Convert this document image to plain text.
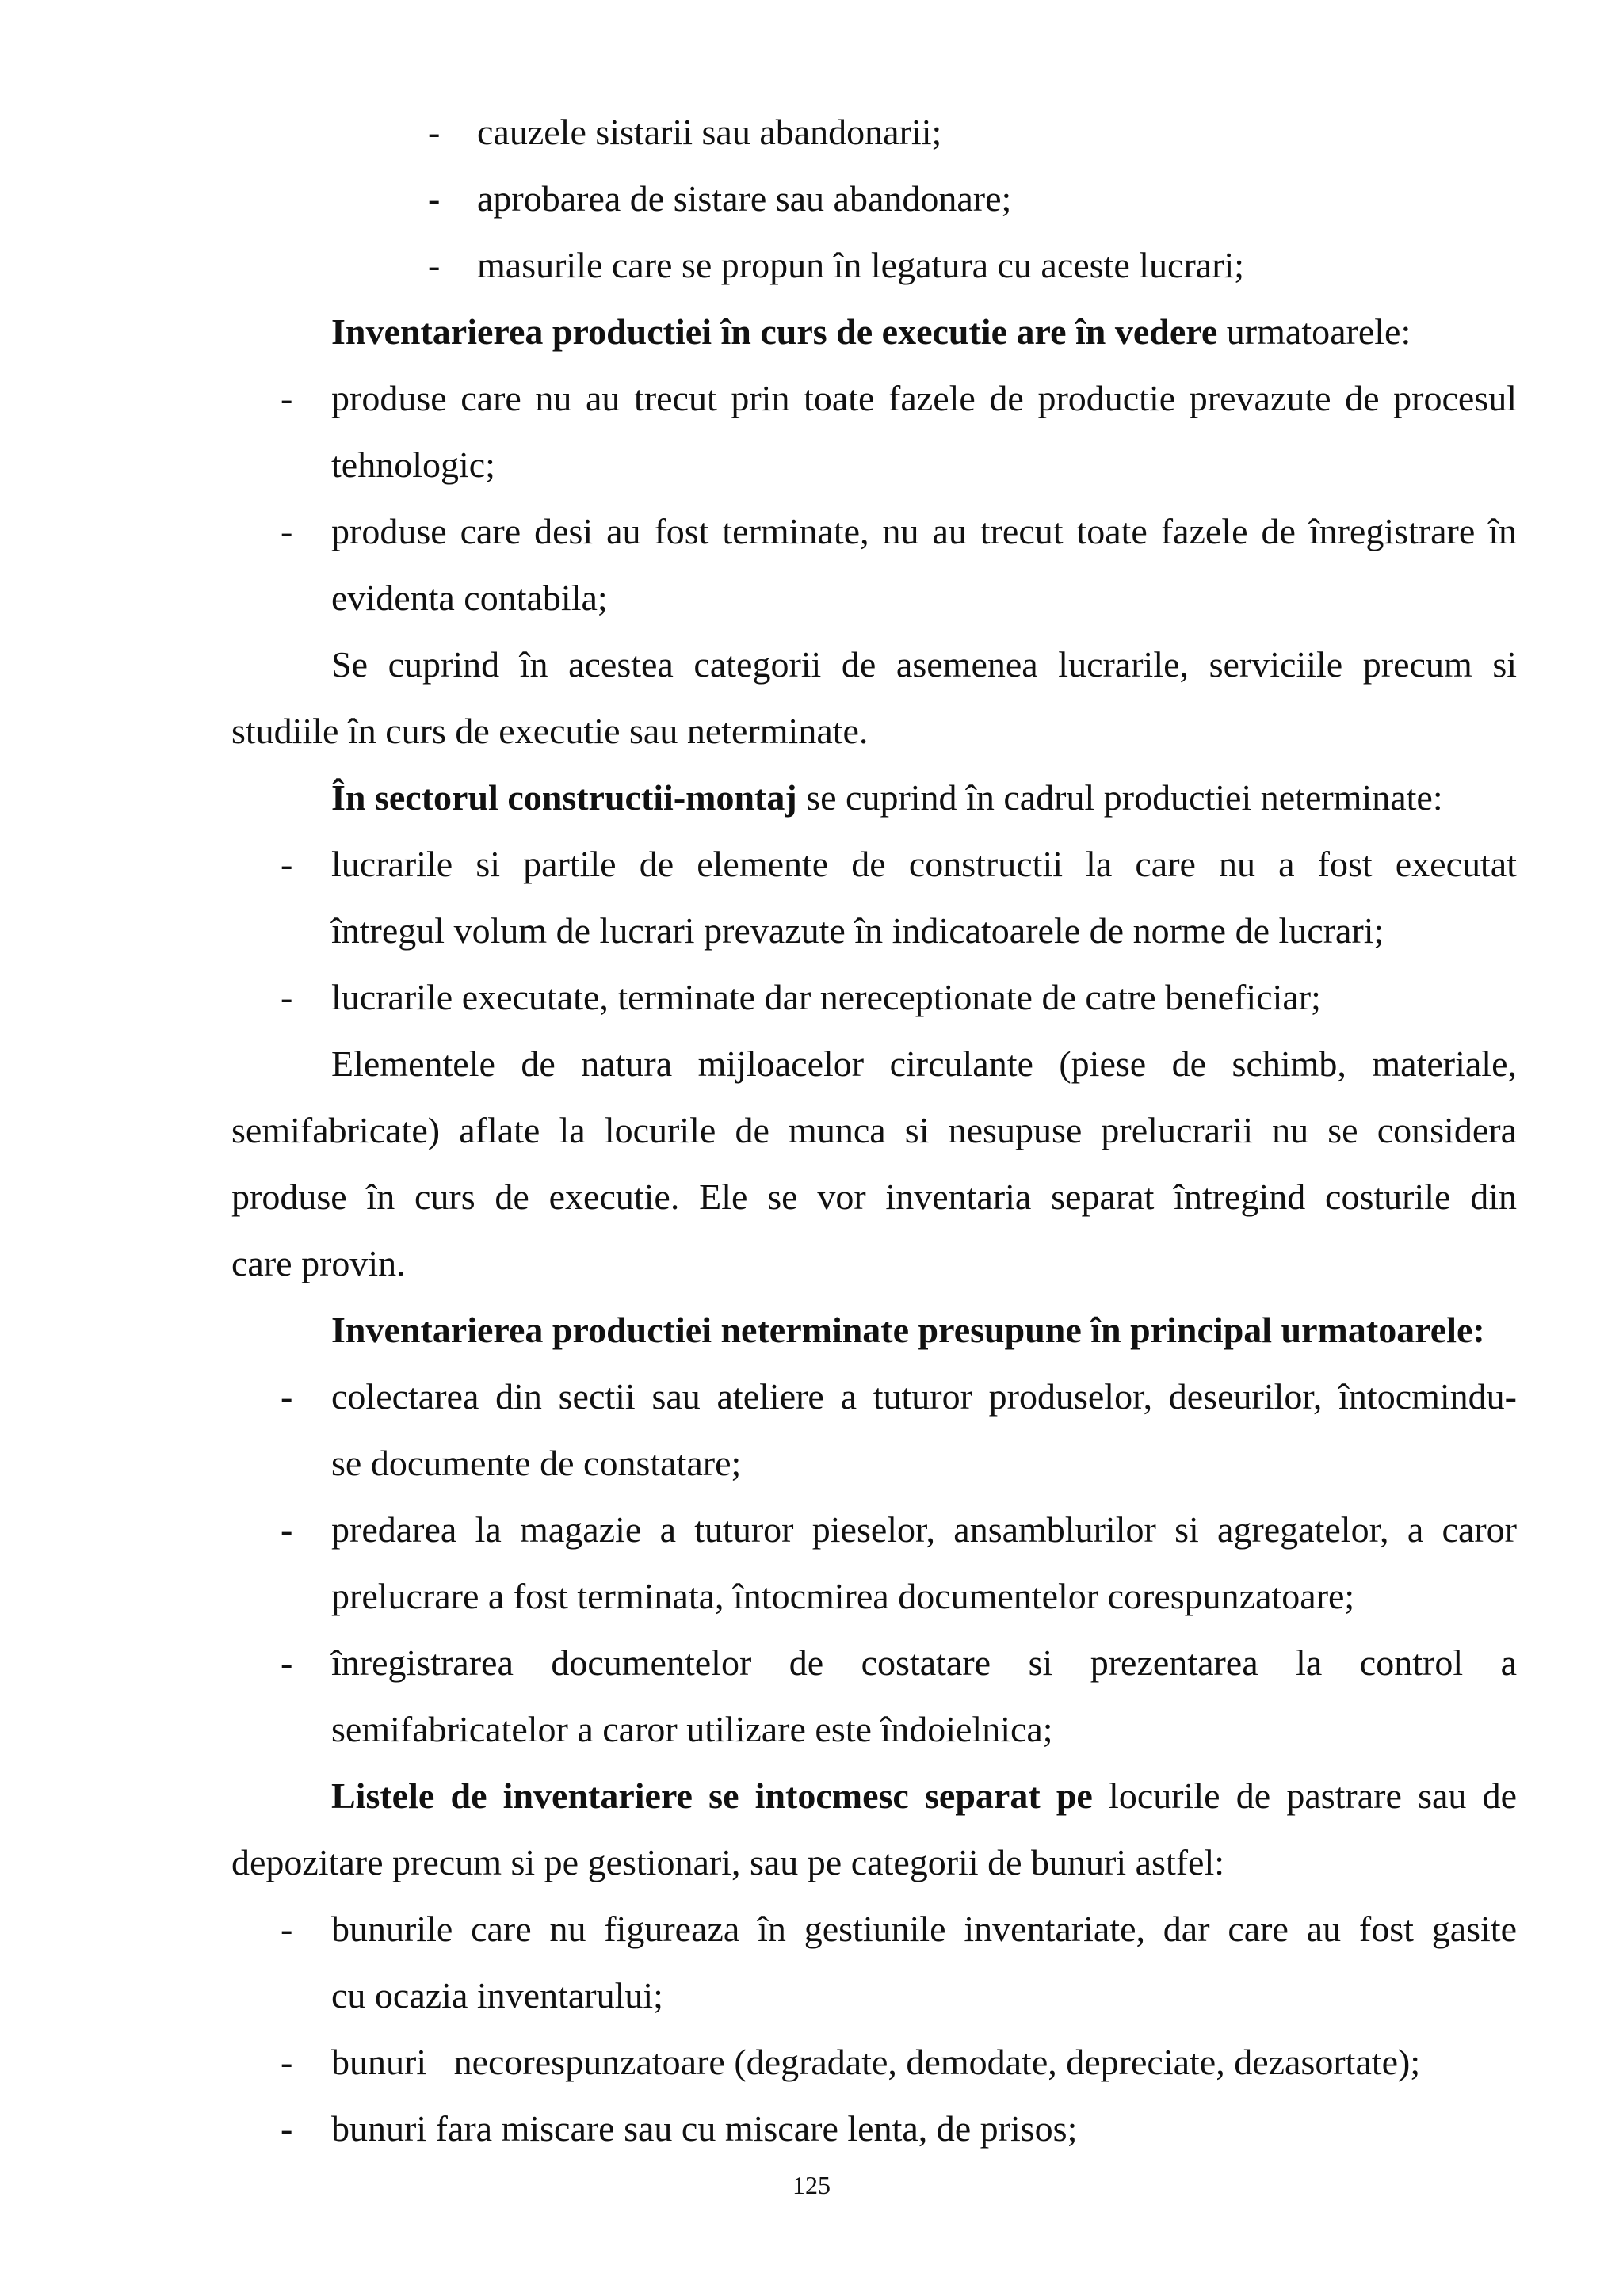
-	cauzele sistarii sau abandonarii;
-	aprobarea de sistare sau abandonare;
-	masurile care se propun în legatura cu aceste lucrari;
Inventarierea productiei în curs de executie are în vedere urmatoarele:
-	produse care nu au trecut prin toate fazele de productie prevazute de procesul
tehnologic;
-	produse care desi au fost terminate, nu au trecut toate fazele de înregistrare în
evidenta contabila;
Se cuprind în acestea categorii de asemenea lucrarile, serviciile precum si
studiile în curs de executie sau neterminate.
În sectorul constructii-montaj se cuprind în cadrul productiei neterminate:
-	lucrarile si partile de elemente de constructii la care nu a fost executat
întregul volum de lucrari prevazute în indicatoarele de norme de lucrari;
-	lucrarile executate, terminate dar nereceptionate de catre beneficiar;
Elementele de natura mijloacelor circulante (piese de schimb, materiale,
semifabricate) aflate la locurile de munca si nesupuse prelucrarii nu se considera
produse în curs de executie. Ele se vor inventaria separat întregind costurile din
care provin.
Inventarierea productiei neterminate presupune în principal urmatoarele:
-	colectarea din sectii sau ateliere a tuturor produselor, deseurilor, întocmindu-
se documente de constatare;
-	predarea la magazie a tuturor pieselor, ansamblurilor si agregatelor, a caror
prelucrare a fost terminata, întocmirea documentelor corespunzatoare;
-	înregistrarea documentelor de costatare si prezentarea la control a
semifabricatelor a caror utilizare este îndoielnica;
Listele de inventariere se intocmesc separat pe locurile de pastrare sau de
depozitare precum si pe gestionari, sau pe categorii de bunuri astfel:
-	bunurile care nu figureaza în gestiunile inventariate, dar care au fost gasite
cu ocazia inventarului;
-	bunuri   necorespunzatoare (degradate, demodate, depreciate, dezasortate);
-	bunuri fara miscare sau cu miscare lenta, de prisos;
125
